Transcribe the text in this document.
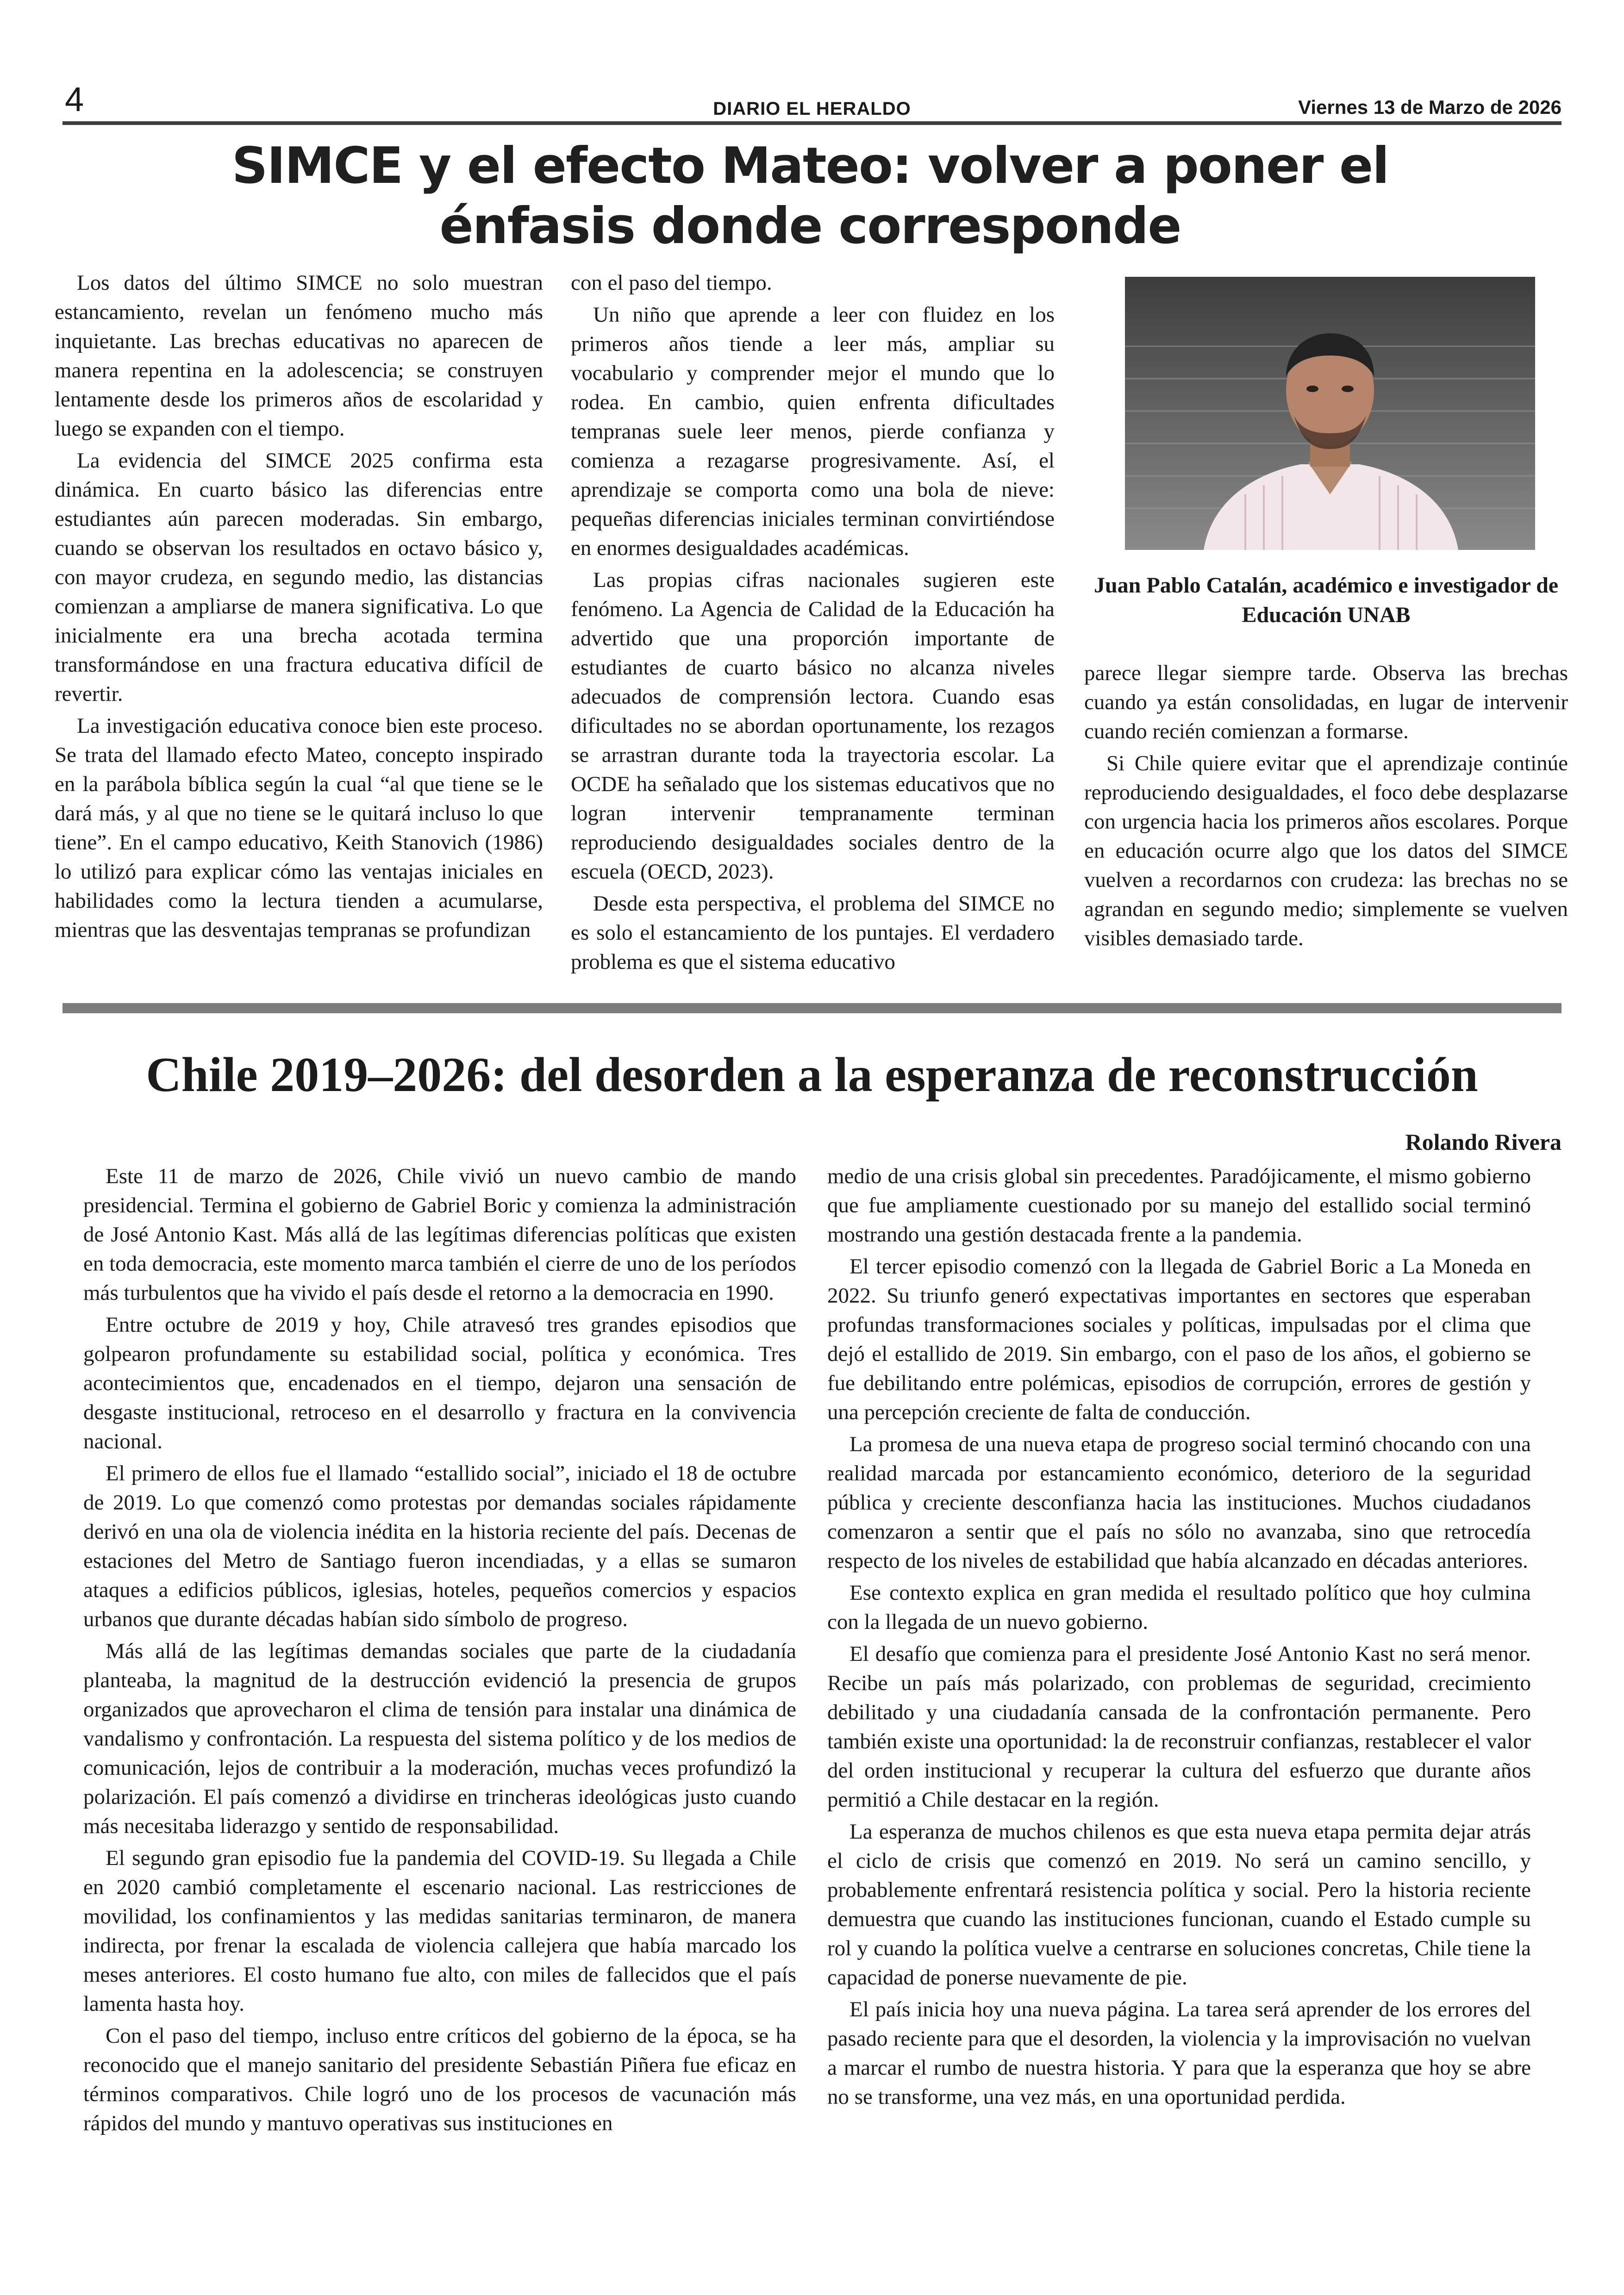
4	DIARIO EL HERALDO	Viernes 13 de Marzo de 2026
SIMCE y el efecto Mateo: volver a poner el énfasis donde corresponde

Los datos del último SIMCE no solo muestran estancamiento, revelan un fenómeno mucho más inquietante. Las brechas educativas no aparecen de manera repentina en la adolescencia; se construyen lentamente desde los primeros años de escolaridad y luego se expanden con el tiempo.

La evidencia del SIMCE 2025 confirma esta dinámica. En cuarto básico las diferencias entre estudiantes aún parecen moderadas. Sin embargo, cuando se observan los resultados en octavo básico y, con mayor crudeza, en segundo medio, las distancias comienzan a ampliarse de manera significativa. Lo que inicialmente era una brecha acotada termina transformándose en una fractura educativa difícil de revertir.

La investigación educativa conoce bien este proceso. Se trata del llamado efecto Mateo, concepto inspirado en la parábola bíblica según la cual “al que tiene se le dará más, y al que no tiene se le quitará incluso lo que tiene”. En el campo educativo, Keith Stanovich (1986) lo utilizó para explicar cómo las ventajas iniciales en habilidades como la lectura tienden a acumularse, mientras que las desventajas tempranas se profundizan

con el paso del tiempo.

Un niño que aprende a leer con fluidez en los primeros años tiende a leer más, ampliar su vocabulario y comprender mejor el mundo que lo rodea. En cambio, quien enfrenta dificultades tempranas suele leer menos, pierde confianza y comienza a rezagarse progresivamente. Así, el aprendizaje se comporta como una bola de nieve: pequeñas diferencias iniciales terminan convirtiéndose en enormes desigualdades académicas.

Las propias cifras nacionales sugieren este fenómeno. La Agencia de Calidad de la Educación ha advertido que una proporción importante de estudiantes de cuarto básico no alcanza niveles adecuados de comprensión lectora. Cuando esas dificultades no se abordan oportunamente, los rezagos se arrastran durante toda la trayectoria escolar. La OCDE ha señalado que los sistemas educativos que no logran intervenir tempranamente terminan reproduciendo desigualdades sociales dentro de la escuela (OECD, 2023).

Desde esta perspectiva, el problema del SIMCE no es solo el estancamiento de los puntajes. El verdadero problema es que el sistema educativo

Juan Pablo Catalán, académico e investigador de Educación UNAB

parece llegar siempre tarde. Observa las brechas cuando ya están consolidadas, en lugar de intervenir cuando recién comienzan a formarse.

Si Chile quiere evitar que el aprendizaje continúe reproduciendo desigualdades, el foco debe desplazarse con urgencia hacia los primeros años escolares. Porque en educación ocurre algo que los datos del SIMCE vuelven a recordarnos con crudeza: las brechas no se agrandan en segundo medio; simplemente se vuelven visibles demasiado tarde.

Chile 2019–2026: del desorden a la esperanza de reconstrucción
Rolando Rivera

Este 11 de marzo de 2026, Chile vivió un nuevo cambio de mando presidencial. Termina el gobierno de Gabriel Boric y comienza la administración de José Antonio Kast. Más allá de las legítimas diferencias políticas que existen en toda democracia, este momento marca también el cierre de uno de los períodos más turbulentos que ha vivido el país desde el retorno a la democracia en 1990.

Entre octubre de 2019 y hoy, Chile atravesó tres grandes episodios que golpearon profundamente su estabilidad social, política y económica. Tres acontecimientos que, encadenados en el tiempo, dejaron una sensación de desgaste institucional, retroceso en el desarrollo y fractura en la convivencia nacional.

El primero de ellos fue el llamado “estallido social”, iniciado el 18 de octubre de 2019. Lo que comenzó como protestas por demandas sociales rápidamente derivó en una ola de violencia inédita en la historia reciente del país. Decenas de estaciones del Metro de Santiago fueron incendiadas, y a ellas se sumaron ataques a edificios públicos, iglesias, hoteles, pequeños comercios y espacios urbanos que durante décadas habían sido símbolo de progreso.

Más allá de las legítimas demandas sociales que parte de la ciudadanía planteaba, la magnitud de la destrucción evidenció la presencia de grupos organizados que aprovecharon el clima de tensión para instalar una dinámica de vandalismo y confrontación. La respuesta del sistema político y de los medios de comunicación, lejos de contribuir a la moderación, muchas veces profundizó la polarización. El país comenzó a dividirse en trincheras ideológicas justo cuando más necesitaba liderazgo y sentido de responsabilidad.

El segundo gran episodio fue la pandemia del COVID-19. Su llegada a Chile en 2020 cambió completamente el escenario nacional. Las restricciones de movilidad, los confinamientos y las medidas sanitarias terminaron, de manera indirecta, por frenar la escalada de violencia callejera que había marcado los meses anteriores. El costo humano fue alto, con miles de fallecidos que el país lamenta hasta hoy.

Con el paso del tiempo, incluso entre críticos del gobierno de la época, se ha reconocido que el manejo sanitario del presidente Sebastián Piñera fue eficaz en términos comparativos. Chile logró uno de los procesos de vacunación más rápidos del mundo y mantuvo operativas sus instituciones en

medio de una crisis global sin precedentes. Paradójicamente, el mismo gobierno que fue ampliamente cuestionado por su manejo del estallido social terminó mostrando una gestión destacada frente a la pandemia.

El tercer episodio comenzó con la llegada de Gabriel Boric a La Moneda en 2022. Su triunfo generó expectativas importantes en sectores que esperaban profundas transformaciones sociales y políticas, impulsadas por el clima que dejó el estallido de 2019. Sin embargo, con el paso de los años, el gobierno se fue debilitando entre polémicas, episodios de corrupción, errores de gestión y una percepción creciente de falta de conducción.

La promesa de una nueva etapa de progreso social terminó chocando con una realidad marcada por estancamiento económico, deterioro de la seguridad pública y creciente desconfianza hacia las instituciones. Muchos ciudadanos comenzaron a sentir que el país no sólo no avanzaba, sino que retrocedía respecto de los niveles de estabilidad que había alcanzado en décadas anteriores.

Ese contexto explica en gran medida el resultado político que hoy culmina con la llegada de un nuevo gobierno.

El desafío que comienza para el presidente José Antonio Kast no será menor. Recibe un país más polarizado, con problemas de seguridad, crecimiento debilitado y una ciudadanía cansada de la confrontación permanente. Pero también existe una oportunidad: la de reconstruir confianzas, restablecer el valor del orden institucional y recuperar la cultura del esfuerzo que durante años permitió a Chile destacar en la región.

La esperanza de muchos chilenos es que esta nueva etapa permita dejar atrás el ciclo de crisis que comenzó en 2019. No será un camino sencillo, y probablemente enfrentará resistencia política y social. Pero la historia reciente demuestra que cuando las instituciones funcionan, cuando el Estado cumple su rol y cuando la política vuelve a centrarse en soluciones concretas, Chile tiene la capacidad de ponerse nuevamente de pie.

El país inicia hoy una nueva página. La tarea será aprender de los errores del pasado reciente para que el desorden, la violencia y la improvisación no vuelvan a marcar el rumbo de nuestra historia. Y para que la esperanza que hoy se abre no se transforme, una vez más, en una oportunidad perdida.
